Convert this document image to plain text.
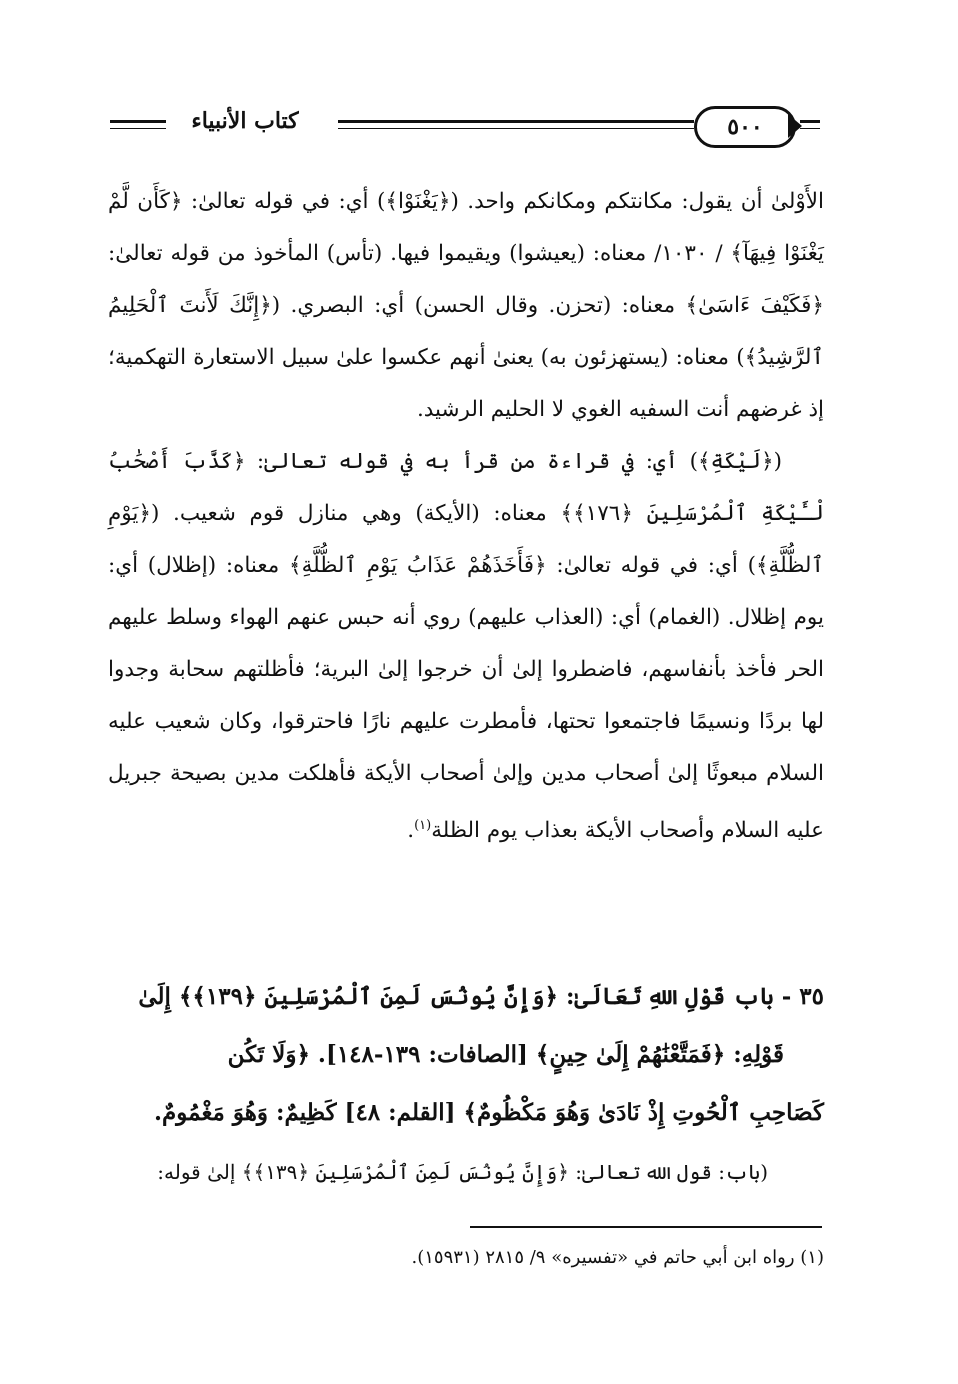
كتاب الأنبياء	٥٠٠

الأَوْلىٰ أن يقول: مكانتكم ومكانكم واحد. (﴿يَغْنَوْا﴾) أي: في قوله تعالىٰ: ﴿كَأَن لَّمْ يَغْنَوْا فِيهَآ﴾ / ١٠٣٠/ معناه: (يعيشوا) ويقيموا فيها. (تأس) المأخوذ من قوله تعالىٰ: ﴿فَكَيْفَ ءَاسَىٰ﴾ معناه: (تحزن. وقال الحسن) أي: البصري. (﴿إِنَّكَ لَأَنتَ ٱلْحَلِيمُ ٱلرَّشِيدُ﴾) معناه: (يستهزئون به) يعنىٰ أنهم عكسوا علىٰ سبيل الاستعارة التهكمية؛ إذ غرضهم أنت السفيه الغوي لا الحليم الرشيد.

(﴿لَيْكَةِ﴾) أي: في قراءة من قرأ به في قوله تعالىٰ: ﴿كَذَّبَ أَصْحَٰبُ لْـَٔيْكَةِ ٱلْمُرْسَلِينَ ﴿١٧٦﴾﴾ معناه: (الأيكة) وهي منازل قوم شعيب. (﴿يَوْمِ ٱلظُّلَّةِ﴾) أي: في قوله تعالىٰ: ﴿فَأَخَذَهُمْ عَذَابُ يَوْمِ ٱلظُّلَّةِ﴾ معناه: (إظلال) أي: يوم إظلال. (الغمام) أي: (العذاب عليهم) روي أنه حبس عنهم الهواء وسلط عليهم الحر فأخذ بأنفاسهم، فاضطروا إلىٰ أن خرجوا إلىٰ البرية؛ فأظلتهم سحابة وجدوا لها بردًا ونسيمًا فاجتمعوا تحتها، فأمطرت عليهم نارًا فاحترقوا، وكان شعيب عليه السلام مبعوثًا إلىٰ أصحاب مدين وإلىٰ أصحاب الأيكة فأهلكت مدين بصيحة جبريل عليه السلام وأصحاب الأيكة بعذاب يوم الظلة$^{(١)}$.

٣٥ - باب قَوْلِ اللهِ تَعَالَىٰ: ﴿وَإِنَّ يُونُسَ لَمِنَ ٱلْمُرْسَلِينَ ﴿١٣٩﴾﴾ إِلَىٰ
قَوْلِهِ: ﴿فَمَتَّعْنَٰهُمْ إِلَىٰ حِينٍ﴾ [الصافات: ١٣٩-١٤٨]. ﴿وَلَا تَكُن
كَصَاحِبِ ٱلْحُوتِ إِذْ نَادَىٰ وَهُوَ مَكْظُومٌ﴾ [القلم: ٤٨] كَظِيمٌ: وَهُوَ مَغْمُومٌ.
(باب: قول الله تعالىٰ: ﴿وَإِنَّ يُونُسَ لَمِنَ ٱلْمُرْسَلِينَ ﴿١٣٩﴾﴾ إلىٰ قوله:
(١) رواه ابن أبي حاتم في «تفسيره» ٩/ ٢٨١٥ (١٥٩٣١).
